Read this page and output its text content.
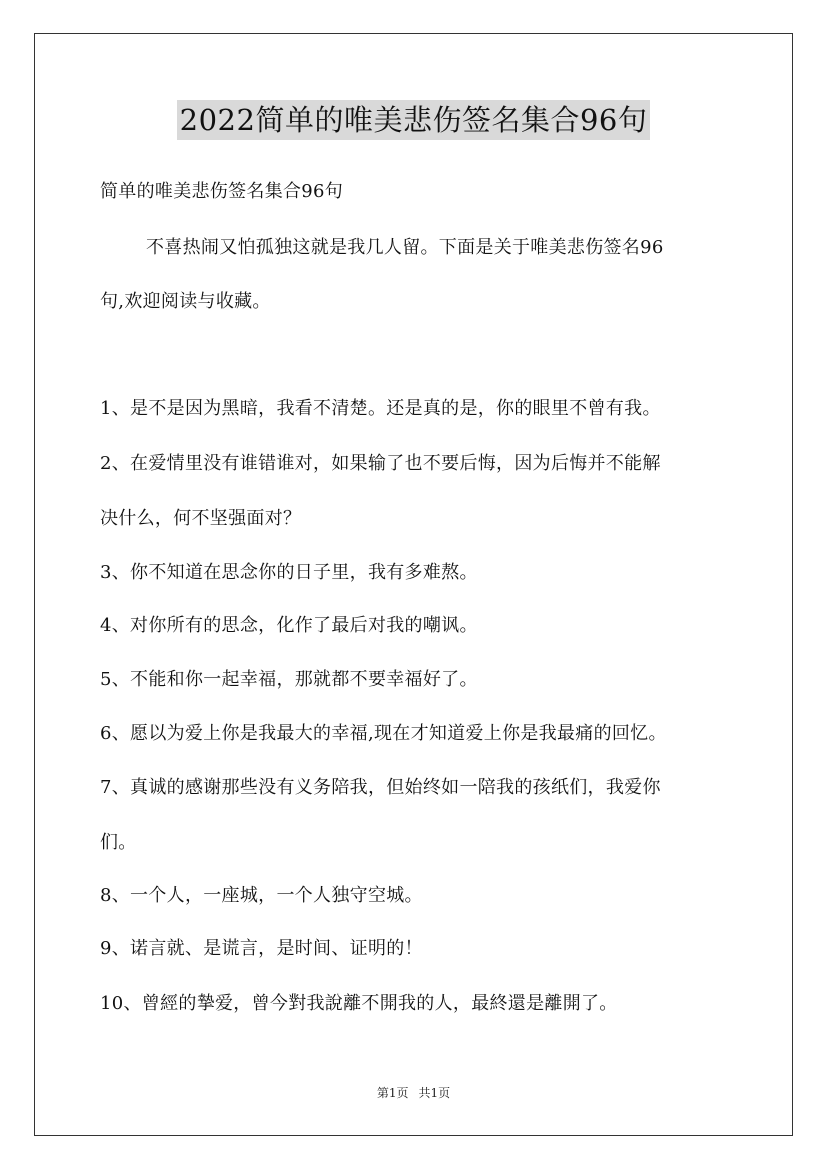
2022简单的唯美悲伤签名集合96句
简单的唯美悲伤签名集合96句
不喜热闹又怕孤独这就是我几人留。下面是关于唯美悲伤签名96
句,欢迎阅读与收藏。
1、是不是因为黑暗，我看不清楚。还是真的是，你的眼里不曾有我。
2、在爱情里没有谁错谁对，如果输了也不要后悔，因为后悔并不能解
决什么，何不坚强面对？
3、你不知道在思念你的日子里，我有多难熬。
4、对你所有的思念，化作了最后对我的嘲讽。
5、不能和你一起幸福，那就都不要幸福好了。
6、愿以为爱上你是我最大的幸福,现在才知道爱上你是我最痛的回忆。
7、真诚的感谢那些没有义务陪我，但始终如一陪我的孩纸们，我爱你
们。
8、一个人，一座城，一个人独守空城。
9、诺言就、是谎言，是时间、证明的！
10、曾經的摯爱，曾今對我說離不開我的人，最終還是離開了。
第1页 共1页
